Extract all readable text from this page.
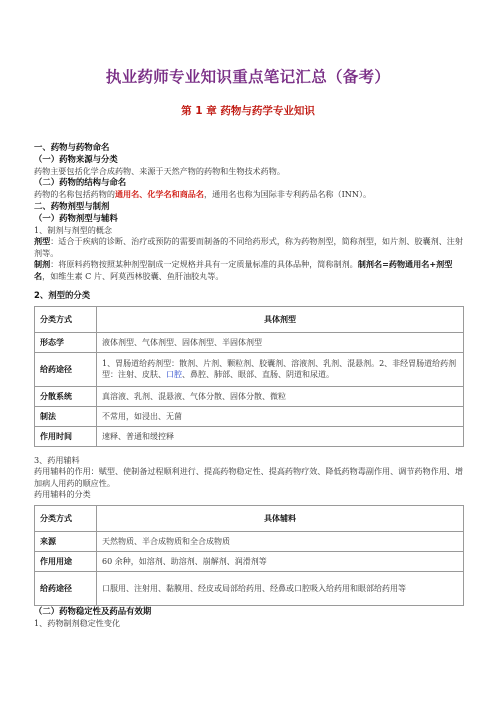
执业药师专业知识重点笔记汇总（备考）
第 1 章 药物与药学专业知识
一、药物与药物命名
（一）药物来源与分类
药物主要包括化学合成药物、来源于天然产物的药物和生物技术药物。
（二）药物的结构与命名
药物的名称包括药物的通用名、化学名和商品名，通用名也称为国际非专利药品名称（INN）。
二、药物剂型与制剂
（一）药物剂型与辅料
1、制剂与剂型的概念
剂型：适合于疾病的诊断、治疗或预防的需要而制备的不同给药形式，称为药物剂型，简称剂型，如片剂、胶囊剂、注射剂等。
制剂：将原料药物按照某种剂型制成一定规格并具有一定质量标准的具体品种，简称制剂。制剂名=药物通用名+剂型名，如维生素 C 片、阿莫西林胶囊、鱼肝油胶丸等。
2、剂型的分类
分类方式	具体剂型
形态学	液体剂型、气体剂型、固体剂型、半固体剂型
给药途径	1、胃肠道给药剂型：散剂、片剂、颗粒剂、胶囊剂、溶液剂、乳剂、混悬剂。2、非经胃肠道给药剂型：注射、皮肤、口腔、鼻腔、肺部、眼部、直肠、阴道和尿道。
分散系统	真溶液、乳剂、混悬液、气体分散、固体分散、微粒
制法	不常用，如浸出、无菌
作用时间	速释、普通和缓控释
3、药用辅料
药用辅料的作用：赋型、使制备过程顺利进行、提高药物稳定性、提高药物疗效、降低药物毒副作用、调节药物作用、增加病人用药的顺应性。
药用辅料的分类
分类方式	具体辅料
来源	天然物质、半合成物质和全合成物质
作用用途	60 余种，如溶剂、助溶剂、崩解剂、润滑剂等
给药途径	口服用、注射用、黏膜用、经皮或局部给药用、经鼻或口腔吸入给药用和眼部给药用等
（二）药物稳定性及药品有效期
1、药物制剂稳定性变化
